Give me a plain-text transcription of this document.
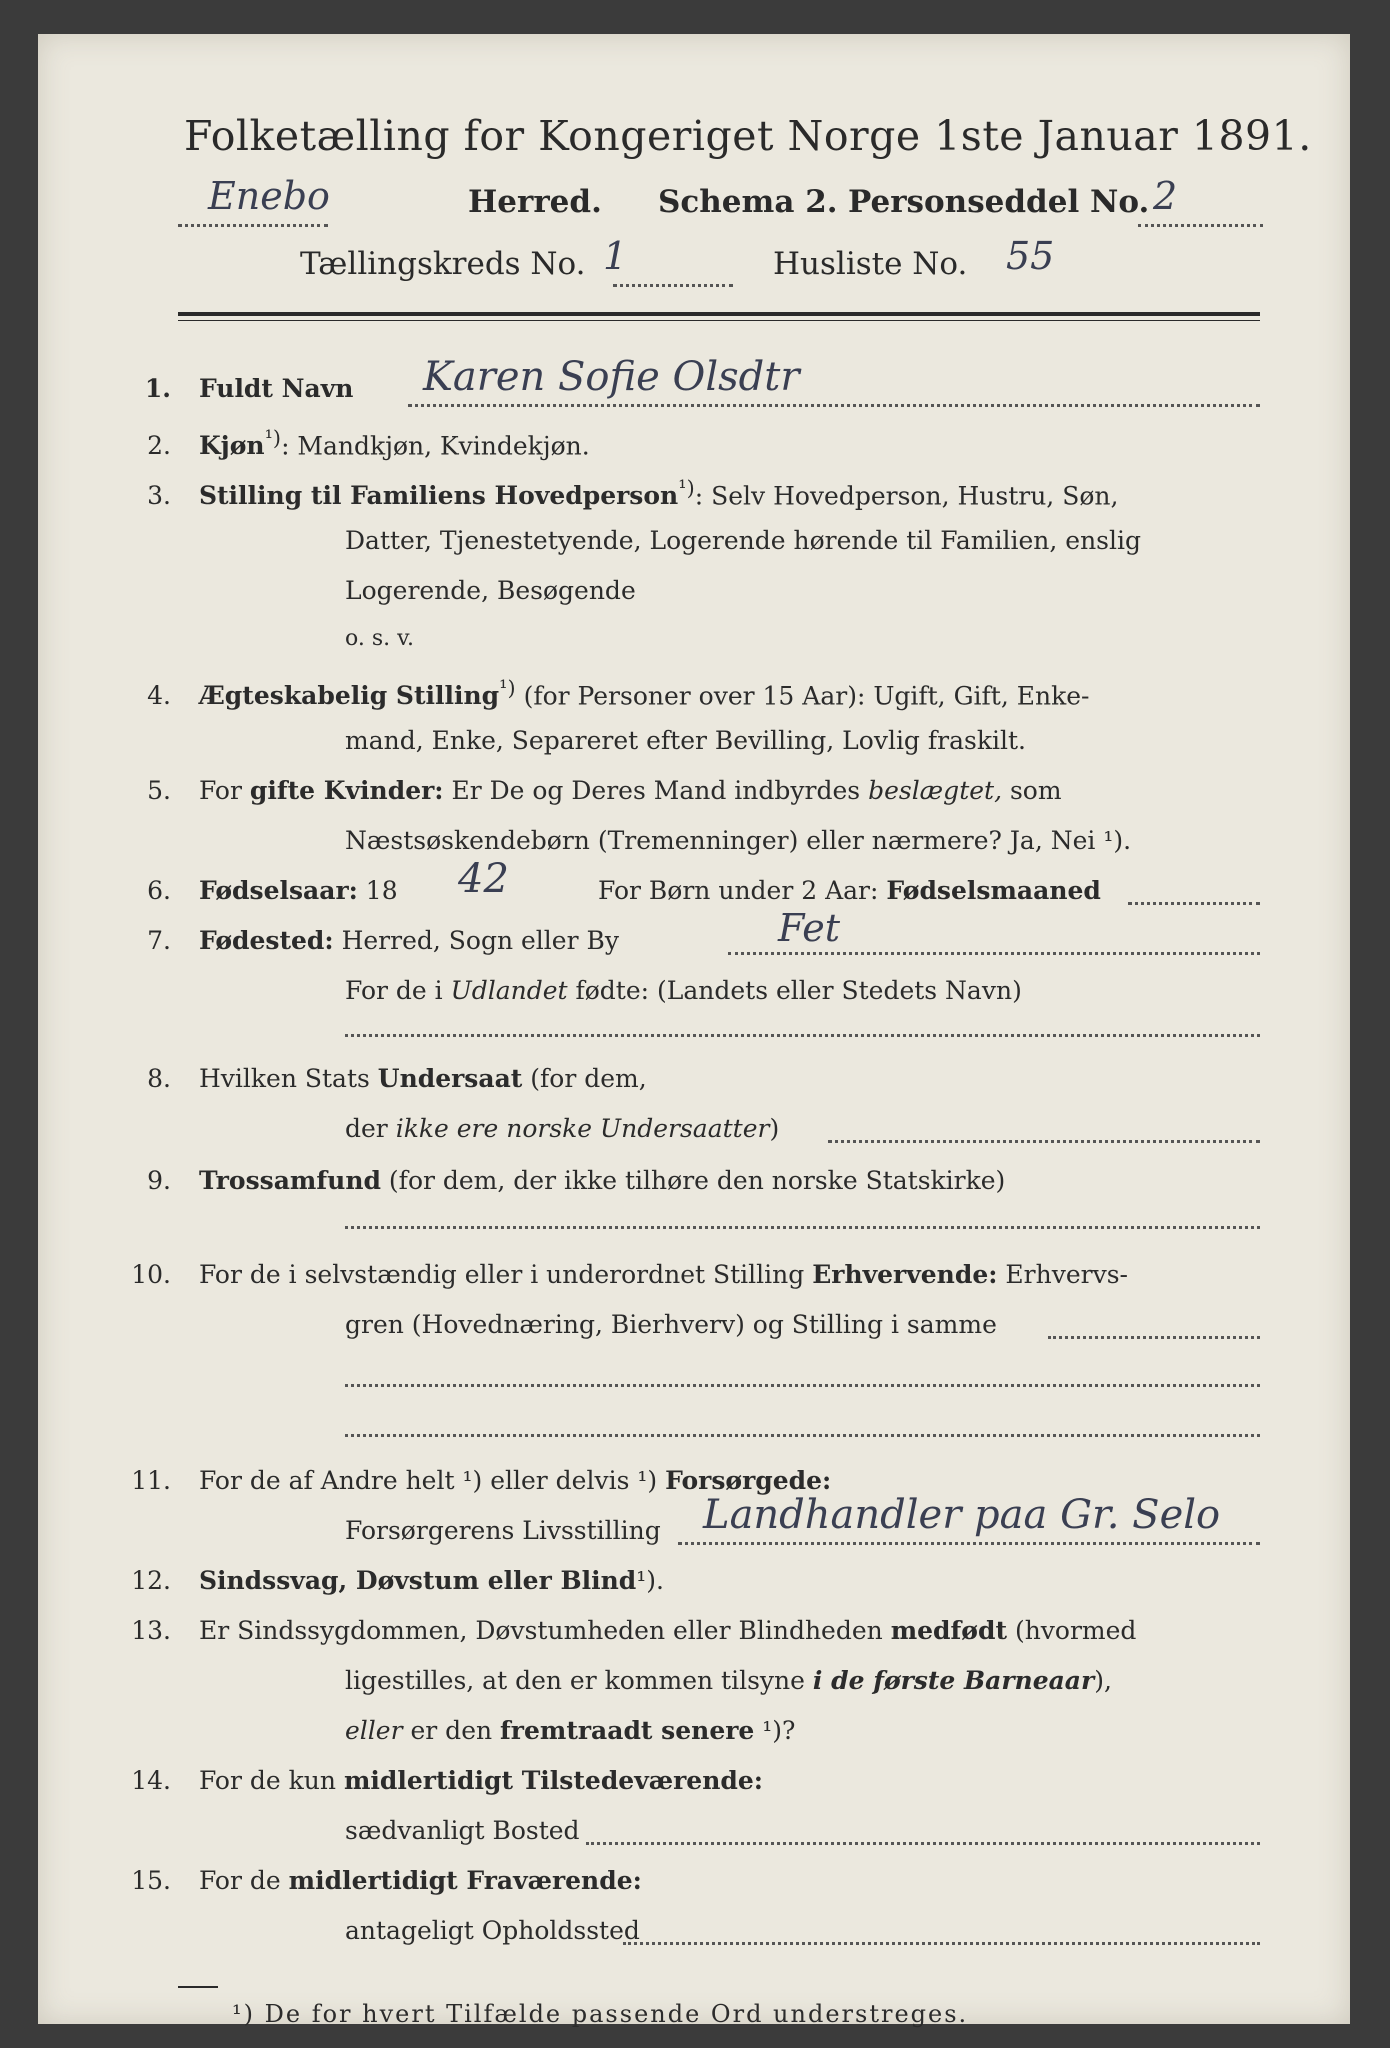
Folketælling for Kongeriget Norge 1ste Januar 1891.
Enebo	Herred. Schema 2. Personseddel No. 2
Tællingskreds No. 1	Husliste No. 55
1. Fuldt Navn Karen Sofie Olsdtr
2. Kjøn$^{^1)}$: Mandkjøn, Kvindekjøn.
3. Stilling til Familiens Hovedperson$^{^1)}$: Selv Hovedperson, Hustru, Søn,
Datter, Tjenestetyende, Logerende hørende til Familien, enslig
Logerende, Besøgende
o. s. v.
4. Ægteskabelig Stilling$^{^1)}$ (for Personer over 15 Aar): Ugift, Gift, Enke-
mand, Enke, Separeret efter Bevilling, Lovlig fraskilt.
5. For gifte Kvinder: Er De og Deres Mand indbyrdes beslægtet, som
Næstsøskendebørn (Tremenninger) eller nærmere? Ja, Nei ¹).
6. Fødselsaar: 18 42	For Børn under 2 Aar: Fødselsmaaned
7. Fødested: Herred, Sogn eller By	Fet
For de i Udlandet fødte: (Landets eller Stedets Navn)
8. Hvilken Stats Undersaat (for dem,
der ikke ere norske Undersaatter)
9. Trossamfund (for dem, der ikke tilhøre den norske Statskirke)
10. For de i selvstændig eller i underordnet Stilling Erhvervende: Erhvervs-
gren (Hovednæring, Bierhverv) og Stilling i samme
11. For de af Andre helt ¹) eller delvis ¹) Forsørgede:
Forsørgerens Livsstilling Landhandler paa Gr. Selo
12. Sindssvag, Døvstum eller Blind¹).
13. Er Sindssygdommen, Døvstumheden eller Blindheden medfødt (hvormed
ligestilles, at den er kommen tilsyne i de første Barneaar),
eller er den fremtraadt senere ¹)?
14. For de kun midlertidigt Tilstedeværende:
sædvanligt Bosted
15. For de midlertidigt Fraværende:
antageligt Opholdssted
¹) De for hvert Tilfælde passende Ord understreges.
